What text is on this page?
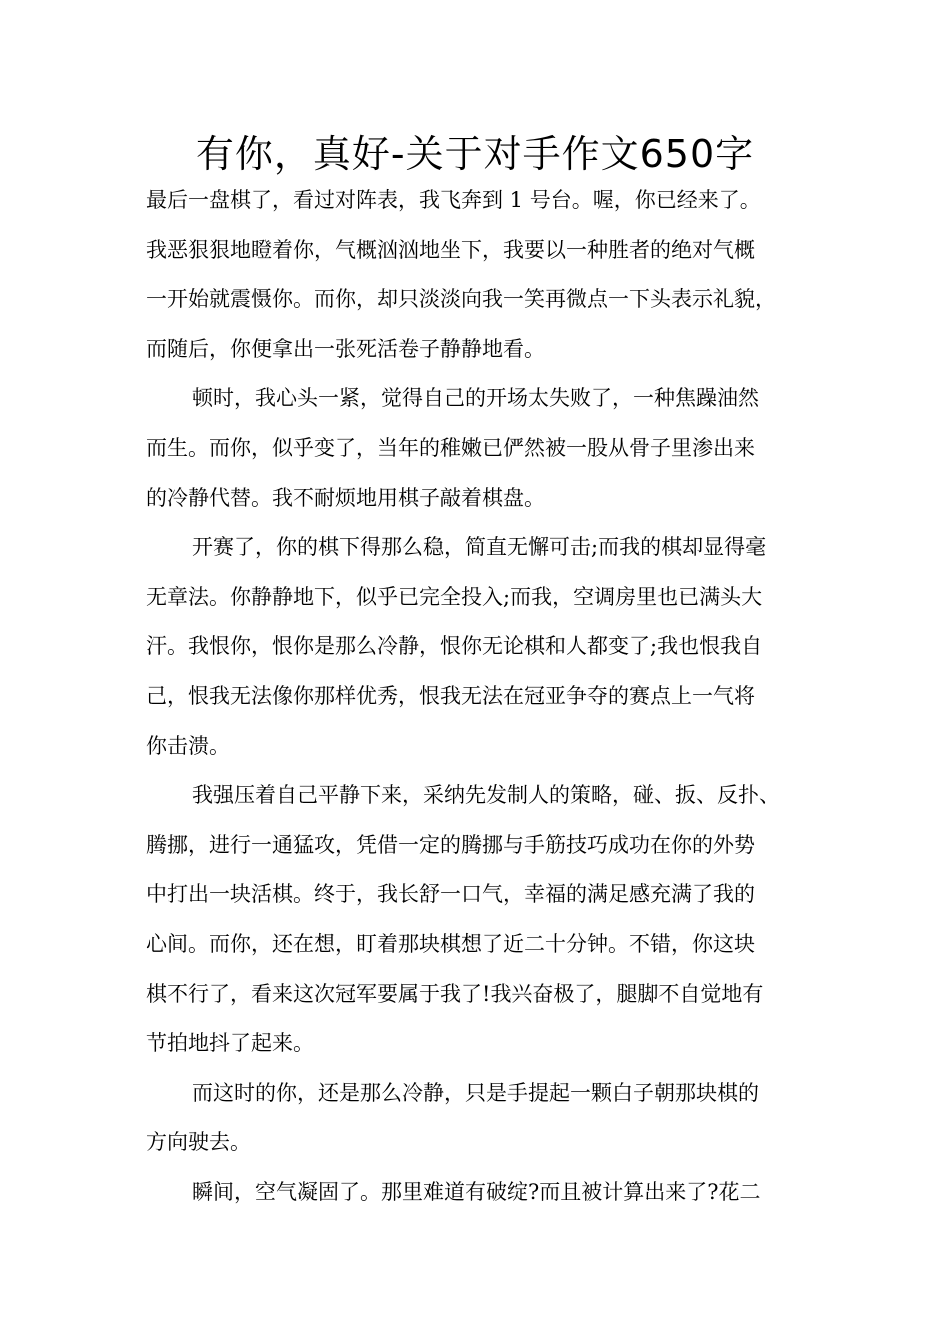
有你，真好-关于对手作文650字

最后一盘棋了，看过对阵表，我飞奔到 1 号台。喔，你已经来了。
我恶狠狠地瞪着你，气概汹汹地坐下，我要以一种胜者的绝对气概
一开始就震慑你。而你，却只淡淡向我一笑再微点一下头表示礼貌，
而随后，你便拿出一张死活卷子静静地看。

顿时，我心头一紧，觉得自己的开场太失败了，一种焦躁油然
而生。而你，似乎变了，当年的稚嫩已俨然被一股从骨子里渗出来
的冷静代替。我不耐烦地用棋子敲着棋盘。

开赛了，你的棋下得那么稳，简直无懈可击;而我的棋却显得毫
无章法。你静静地下，似乎已完全投入;而我，空调房里也已满头大
汗。我恨你，恨你是那么冷静，恨你无论棋和人都变了;我也恨我自
己，恨我无法像你那样优秀，恨我无法在冠亚争夺的赛点上一气将
你击溃。

我强压着自己平静下来，采纳先发制人的策略，碰、扳、反扑、
腾挪，进行一通猛攻，凭借一定的腾挪与手筋技巧成功在你的外势
中打出一块活棋。终于，我长舒一口气，幸福的满足感充满了我的
心间。而你，还在想，盯着那块棋想了近二十分钟。不错，你这块
棋不行了，看来这次冠军要属于我了!我兴奋极了，腿脚不自觉地有
节拍地抖了起来。

而这时的你，还是那么冷静，只是手提起一颗白子朝那块棋的
方向驶去。

瞬间，空气凝固了。那里难道有破绽?而且被计算出来了?花二
